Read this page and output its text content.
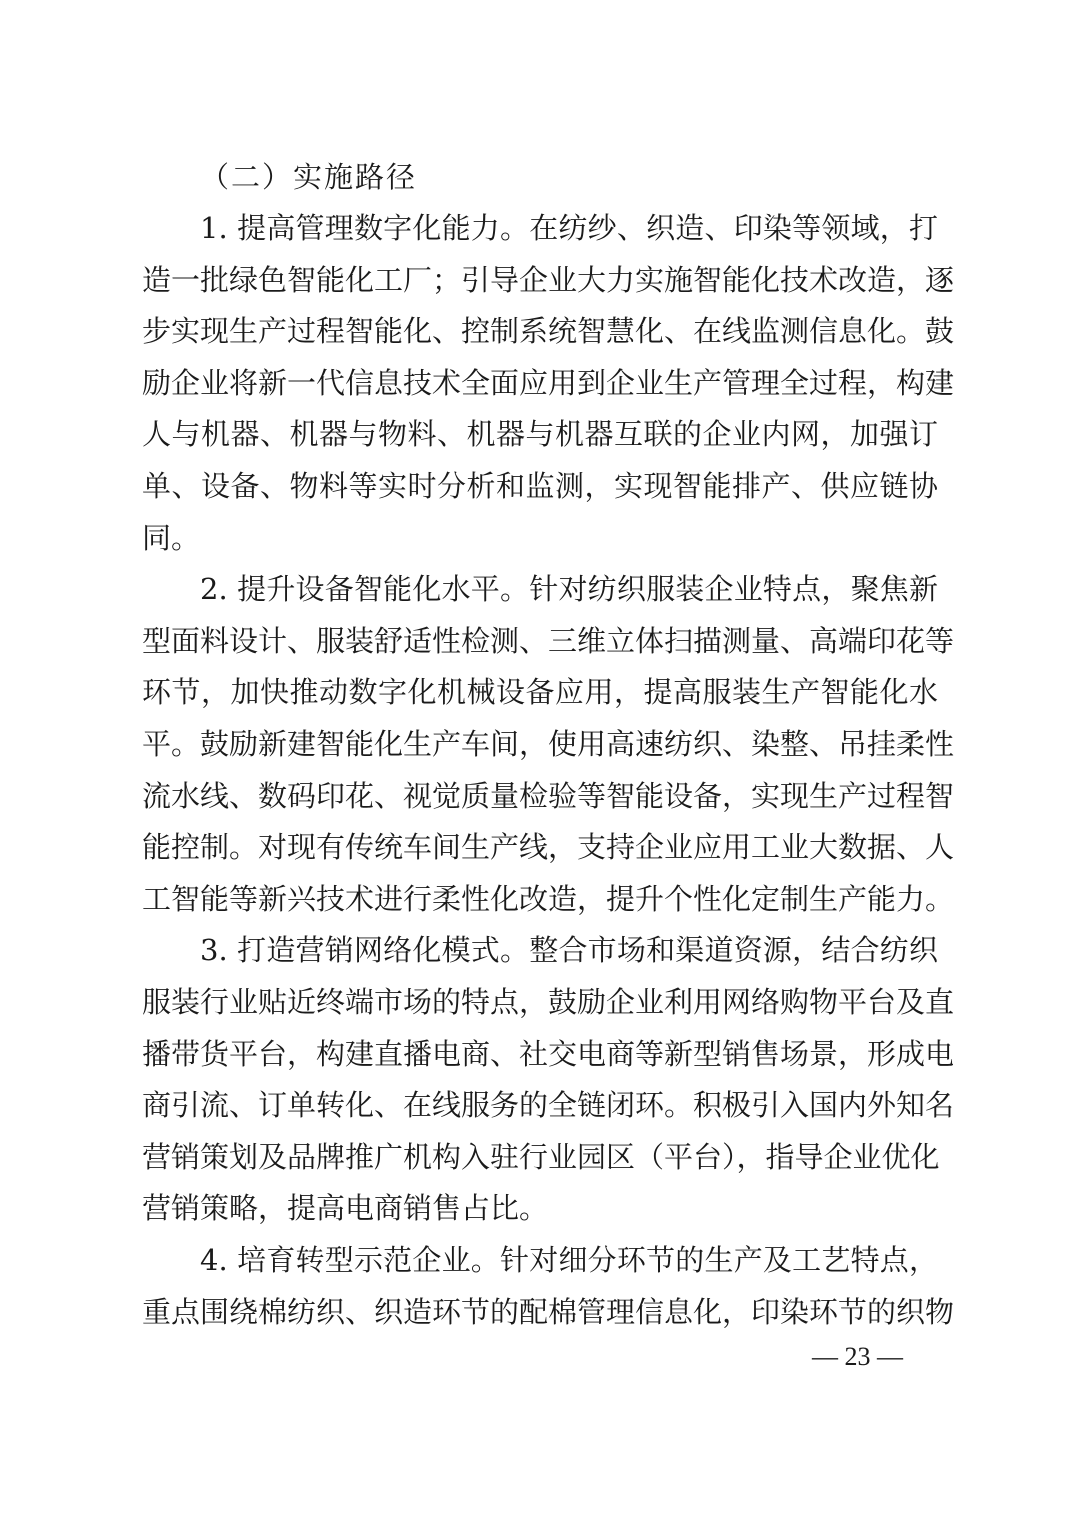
（二）实施路径
1. 提高管理数字化能力。在纺纱、织造、印染等领域，打
造一批绿色智能化工厂；引导企业大力实施智能化技术改造，逐
步实现生产过程智能化、控制系统智慧化、在线监测信息化。鼓
励企业将新一代信息技术全面应用到企业生产管理全过程，构建
人与机器、机器与物料、机器与机器互联的企业内网，加强订
单、设备、物料等实时分析和监测，实现智能排产、供应链协
同。
2. 提升设备智能化水平。针对纺织服装企业特点，聚焦新
型面料设计、服装舒适性检测、三维立体扫描测量、高端印花等
环节，加快推动数字化机械设备应用，提高服装生产智能化水
平。鼓励新建智能化生产车间，使用高速纺织、染整、吊挂柔性
流水线、数码印花、视觉质量检验等智能设备，实现生产过程智
能控制。对现有传统车间生产线，支持企业应用工业大数据、人
工智能等新兴技术进行柔性化改造，提升个性化定制生产能力。
3. 打造营销网络化模式。整合市场和渠道资源，结合纺织
服装行业贴近终端市场的特点，鼓励企业利用网络购物平台及直
播带货平台，构建直播电商、社交电商等新型销售场景，形成电
商引流、订单转化、在线服务的全链闭环。积极引入国内外知名
营销策划及品牌推广机构入驻行业园区（平台），指导企业优化
营销策略，提高电商销售占比。
4. 培育转型示范企业。针对细分环节的生产及工艺特点，
重点围绕棉纺织、织造环节的配棉管理信息化，印染环节的织物
— 23 —
